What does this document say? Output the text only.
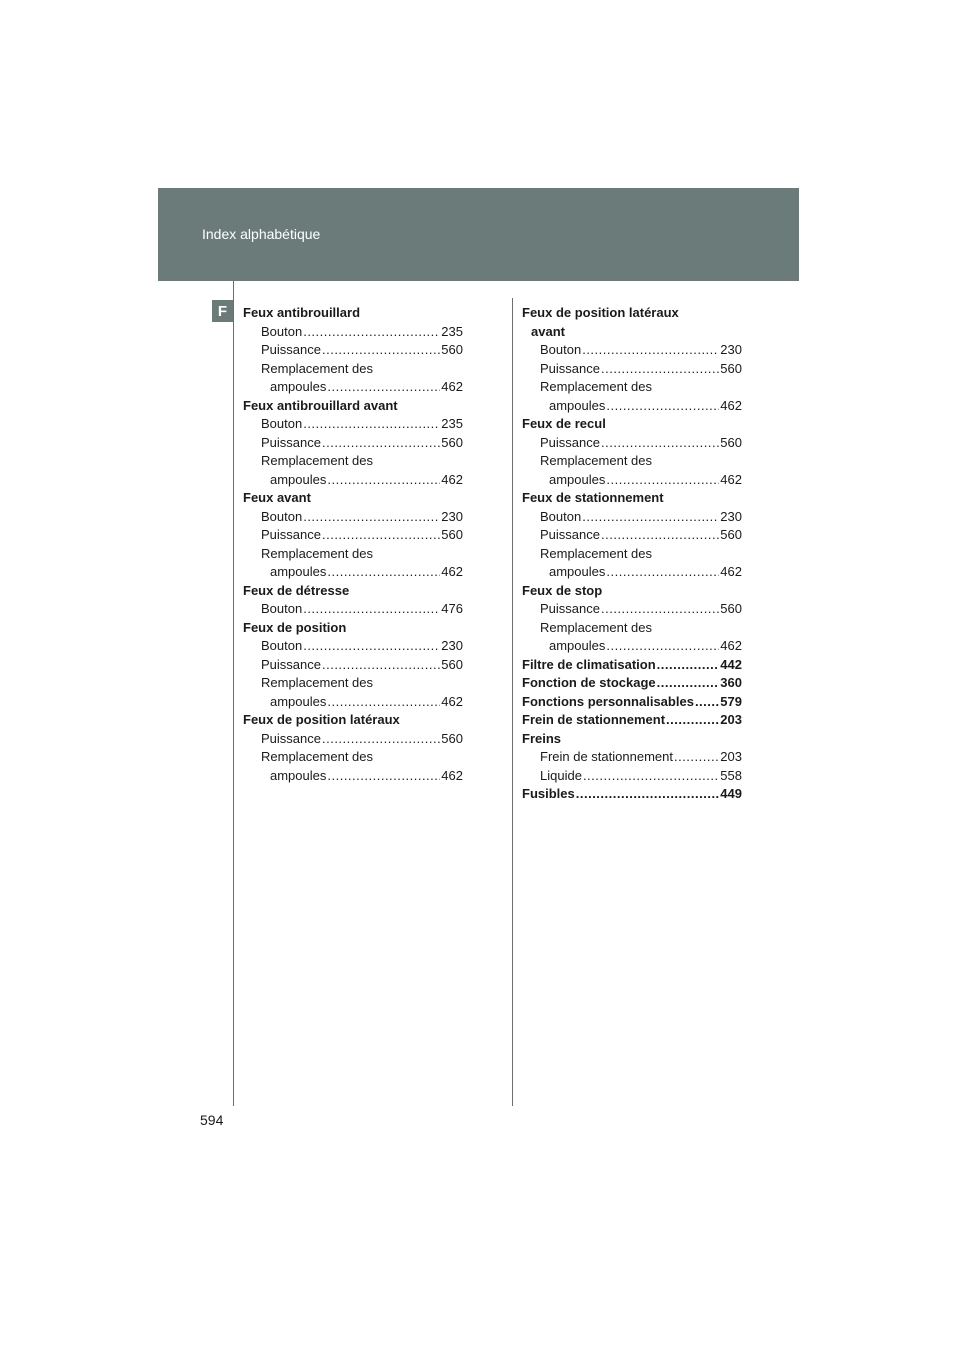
Index alphabétique
F	Feux antibrouillard
Bouton .....	235
Puissance .....	560
Remplacement des
ampoules .....	462
Feux antibrouillard avant
Bouton .....	235
Puissance .....	560
Remplacement des
ampoules .....	462
Feux avant
Bouton .....	230
Puissance .....	560
Remplacement des
ampoules .....	462
Feux de détresse
Bouton .....	476
Feux de position
Bouton .....	230
Puissance .....	560
Remplacement des
ampoules .....	462
Feux de position latéraux
Puissance .....	560
Remplacement des
ampoules .....	462
Feux de position latéraux
avant
Bouton .....	230
Puissance .....	560
Remplacement des
ampoules .....	462
Feux de recul
Puissance .....	560
Remplacement des
ampoules .....	462
Feux de stationnement
Bouton .....	230
Puissance .....	560
Remplacement des
ampoules .....	462
Feux de stop
Puissance .....	560
Remplacement des
ampoules .....	462
Filtre de climatisation .....	442
Fonction de stockage .....	360
Fonctions personnalisables ..... 579
Frein de stationnement .....	203
Freins
Frein de stationnement .....	203
Liquide .....	558
Fusibles .....	449
594
